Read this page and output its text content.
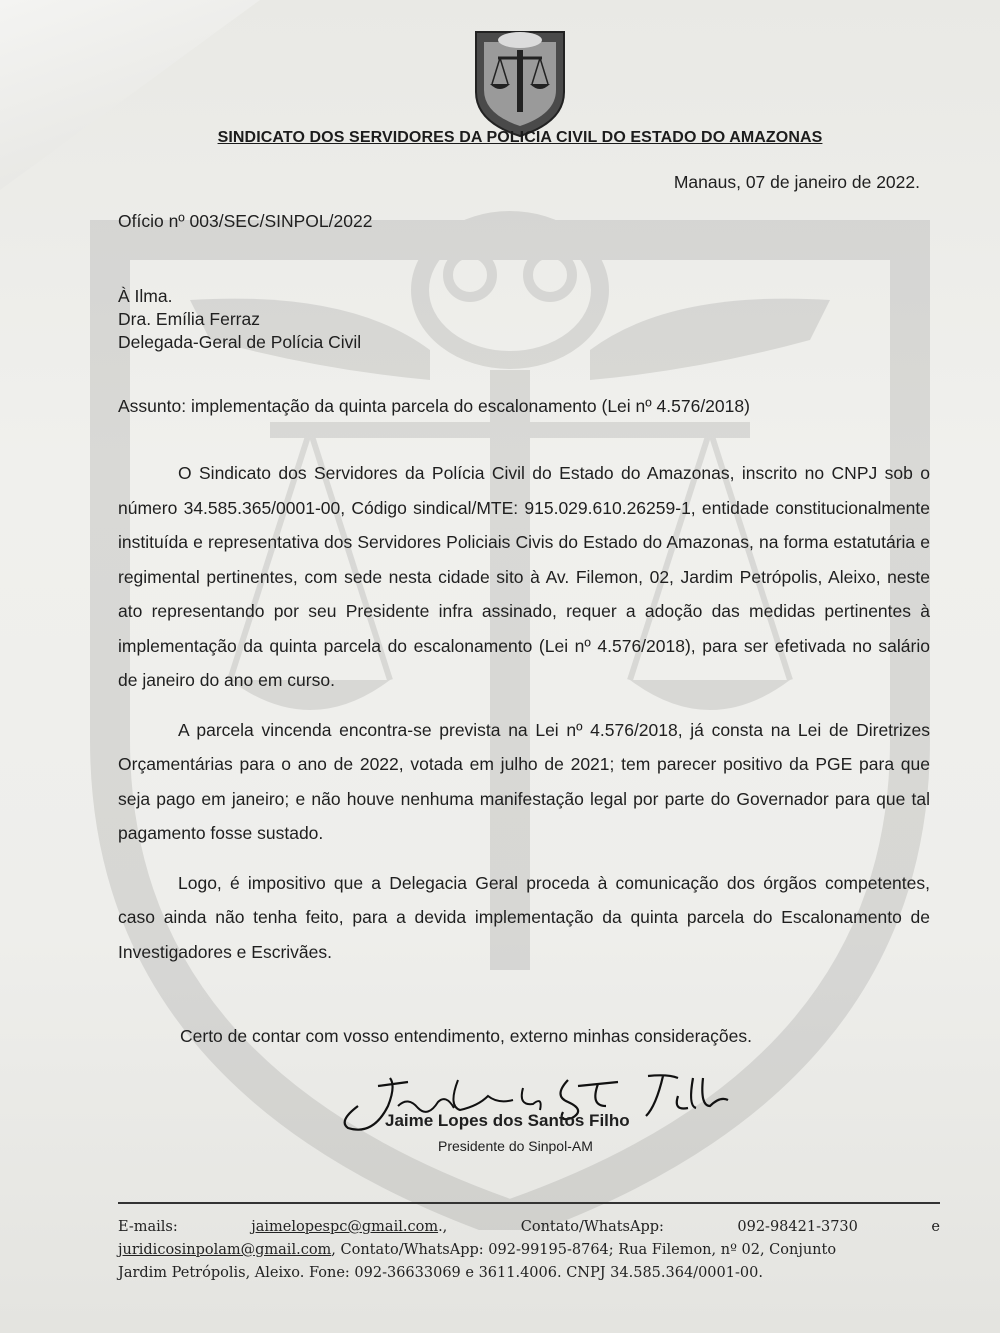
SINDICATO DOS SERVIDORES DA POLICIA CIVIL DO ESTADO DO AMAZONAS
Manaus, 07 de janeiro de 2022.
Ofício nº 003/SEC/SINPOL/2022
À Ilma.
Dra. Emília Ferraz
Delegada-Geral de Polícia Civil
Assunto: implementação da quinta parcela do escalonamento (Lei nº 4.576/2018)

O Sindicato dos Servidores da Polícia Civil do Estado do Amazonas, inscrito no CNPJ sob o número 34.585.365/0001-00, Código sindical/MTE: 915.029.610.26259-1, entidade constitucionalmente instituída e representativa dos Servidores Policiais Civis do Estado do Amazonas, na forma estatutária e regimental pertinentes, com sede nesta cidade sito à Av. Filemon, 02, Jardim Petrópolis, Aleixo, neste ato representando por seu Presidente infra assinado, requer a adoção das medidas pertinentes à implementação da quinta parcela do escalonamento (Lei nº 4.576/2018), para ser efetivada no salário de janeiro do ano em curso.

A parcela vincenda encontra-se prevista na Lei nº 4.576/2018, já consta na Lei de Diretrizes Orçamentárias para o ano de 2022, votada em julho de 2021; tem parecer positivo da PGE para que seja pago em janeiro; e não houve nenhuma manifestação legal por parte do Governador para que tal pagamento fosse sustado.

Logo, é impositivo que a Delegacia Geral proceda à comunicação dos órgãos competentes, caso ainda não tenha feito, para a devida implementação da quinta parcela do Escalonamento de Investigadores e Escrivães.

Certo de contar com vosso entendimento, externo minhas considerações.
Jaime Lopes dos Santos Filho
Presidente do Sinpol-AM
E-mails:	jaimelopespc@gmail.com.,	Contato/WhatsApp:	092-98421-3730	e
juridicosinpolam@gmail.com, Contato/WhatsApp: 092-99195-8764; Rua Filemon, nº 02, Conjunto
Jardim Petrópolis, Aleixo. Fone: 092-36633069 e 3611.4006. CNPJ 34.585.364/0001-00.
